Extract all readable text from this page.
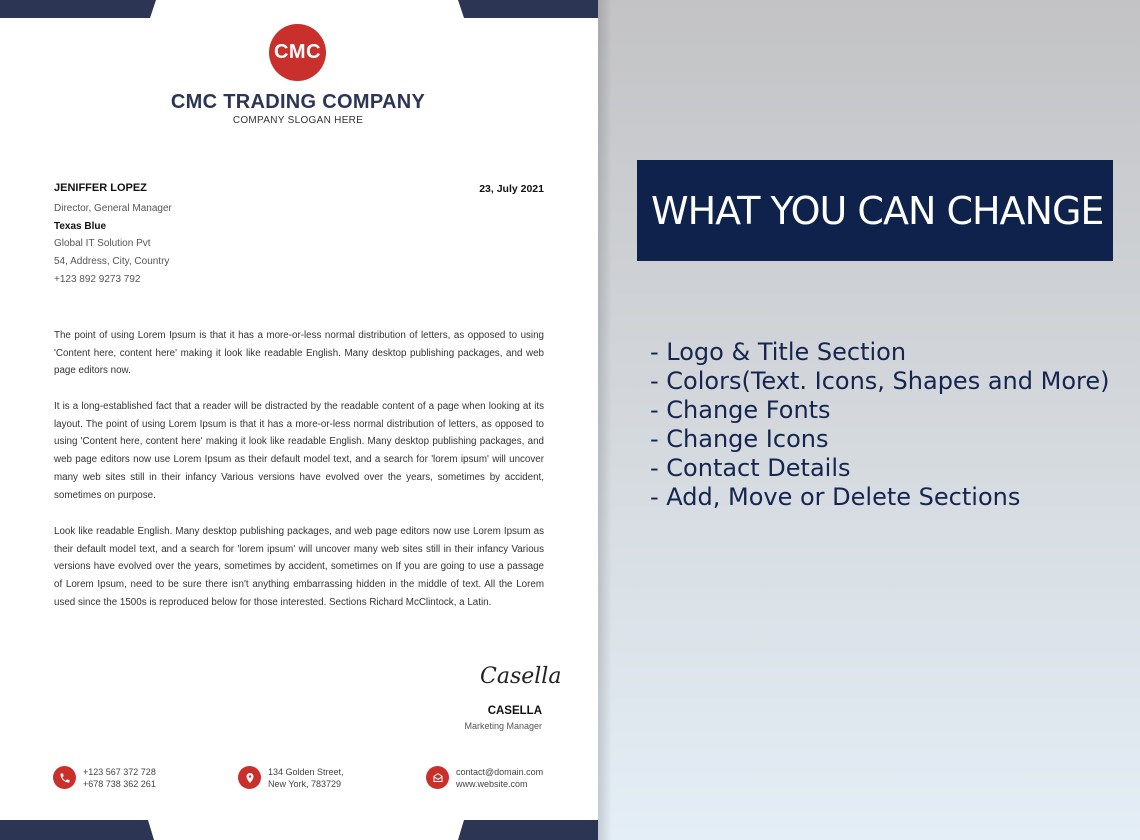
CMC
CMC TRADING COMPANY
COMPANY SLOGAN HERE
JENIFFER LOPEZ
Director, General Manager
Texas Blue
Global IT Solution Pvt
54, Address, City, Country
+123 892 9273 792
23, July 2021

The point of using Lorem Ipsum is that it has a more-or-less normal distribution of letters, as opposed to using 'Content here, content here' making it look like readable English. Many desktop publishing packages, and web page editors now.

It is a long-established fact that a reader will be distracted by the readable content of a page when looking at its layout. The point of using Lorem Ipsum is that it has a more-or-less normal distribution of letters, as opposed to using 'Content here, content here' making it look like readable English. Many desktop publishing packages, and web page editors now use Lorem Ipsum as their default model text, and a search for 'lorem ipsum' will uncover many web sites still in their infancy Various versions have evolved over the years, sometimes by accident, sometimes on purpose.

Look like readable English. Many desktop publishing packages, and web page editors now use Lorem Ipsum as their default model text, and a search for 'lorem ipsum' will uncover many web sites still in their infancy Various versions have evolved over the years, sometimes by accident, sometimes on If you are going to use a passage of Lorem Ipsum, need to be sure there isn't anything embarrassing hidden in the middle of text. All the Lorem used since the 1500s is reproduced below for those interested. Sections Richard McClintock, a Latin.

Casella
CASELLA
Marketing Manager
+123 567 372 728
+678 738 362 261
134 Golden Street,
New York, 783729
contact@domain.com
www.website.com
WHAT YOU CAN CHANGE
- Logo & Title Section
- Colors(Text. Icons, Shapes and More)
- Change Fonts
- Change Icons
- Contact Details
- Add, Move or Delete Sections
